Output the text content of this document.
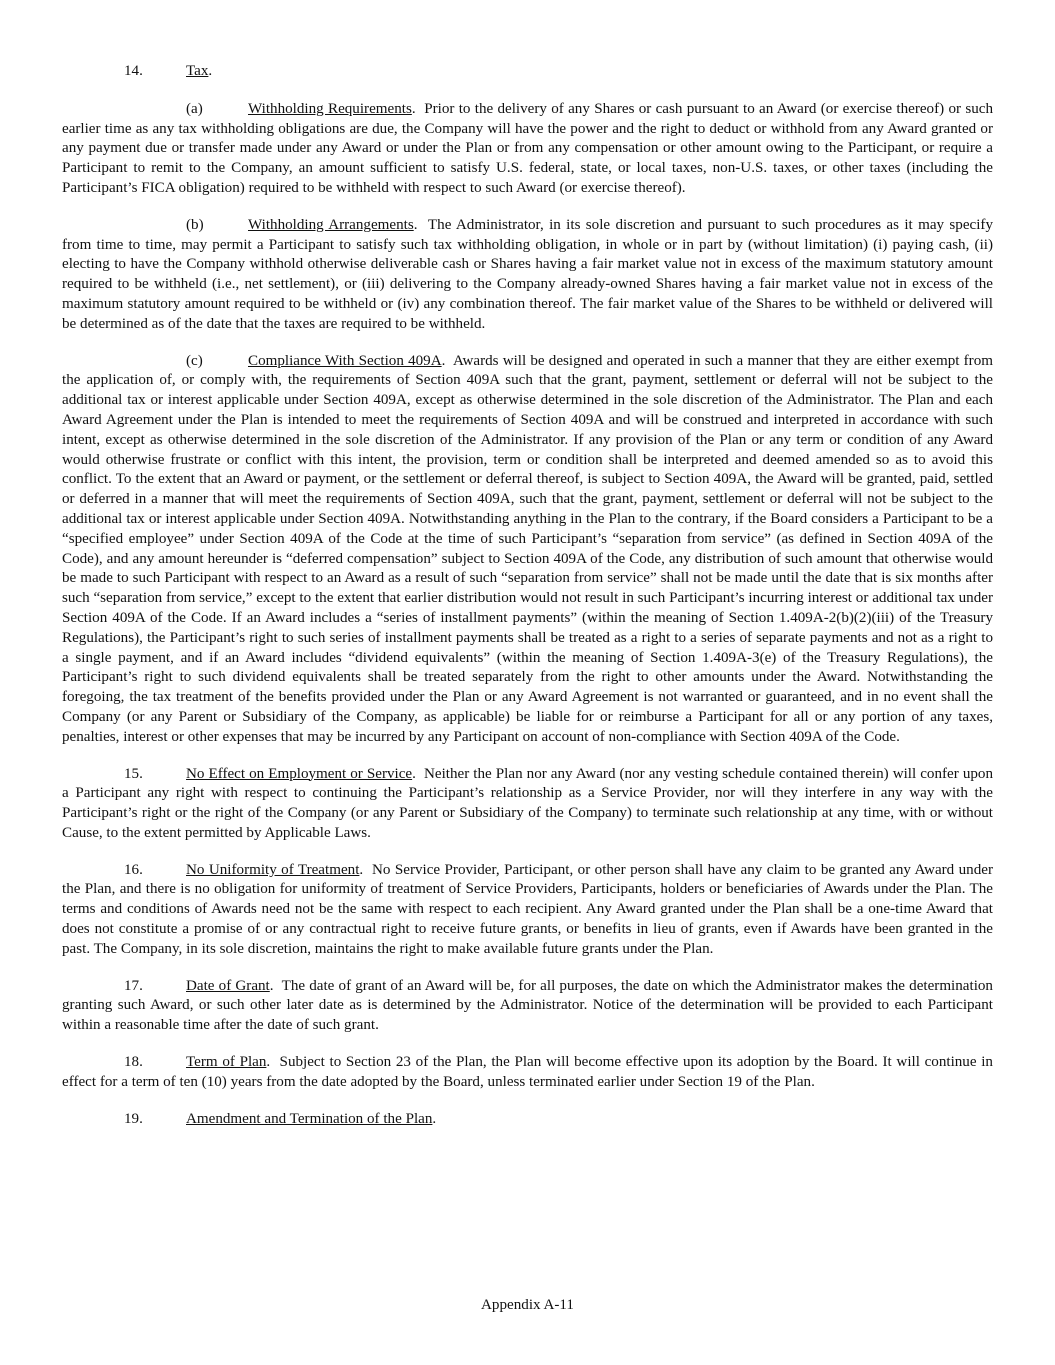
14.	Tax.

(a)	Withholding Requirements.  Prior to the delivery of any Shares or cash pursuant to an Award (or exercise thereof) or such earlier time as any tax withholding obligations are due, the Company will have the power and the right to deduct or withhold from any Award granted or any payment due or transfer made under any Award or under the Plan or from any compensation or other amount owing to the Participant, or require a Participant to remit to the Company, an amount sufficient to satisfy U.S. federal, state, or local taxes, non-U.S. taxes, or other taxes (including the Participant’s FICA obligation) required to be withheld with respect to such Award (or exercise thereof).

(b)	Withholding Arrangements.  The Administrator, in its sole discretion and pursuant to such procedures as it may specify from time to time, may permit a Participant to satisfy such tax withholding obligation, in whole or in part by (without limitation) (i) paying cash, (ii) electing to have the Company withhold otherwise deliverable cash or Shares having a fair market value not in excess of the maximum statutory amount required to be withheld (i.e., net settlement), or (iii) delivering to the Company already-owned Shares having a fair market value not in excess of the maximum statutory amount required to be withheld or (iv) any combination thereof. The fair market value of the Shares to be withheld or delivered will be determined as of the date that the taxes are required to be withheld.

(c)	Compliance With Section 409A.  Awards will be designed and operated in such a manner that they are either exempt from the application of, or comply with, the requirements of Section 409A such that the grant, payment, settlement or deferral will not be subject to the additional tax or interest applicable under Section 409A, except as otherwise determined in the sole discretion of the Administrator. The Plan and each Award Agreement under the Plan is intended to meet the requirements of Section 409A and will be construed and interpreted in accordance with such intent, except as otherwise determined in the sole discretion of the Administrator. If any provision of the Plan or any term or condition of any Award would otherwise frustrate or conflict with this intent, the provision, term or condition shall be interpreted and deemed amended so as to avoid this conflict. To the extent that an Award or payment, or the settlement or deferral thereof, is subject to Section 409A, the Award will be granted, paid, settled or deferred in a manner that will meet the requirements of Section 409A, such that the grant, payment, settlement or deferral will not be subject to the additional tax or interest applicable under Section 409A. Notwithstanding anything in the Plan to the contrary, if the Board considers a Participant to be a “specified employee” under Section 409A of the Code at the time of such Participant’s “separation from service” (as defined in Section 409A of the Code), and any amount hereunder is “deferred compensation” subject to Section 409A of the Code, any distribution of such amount that otherwise would be made to such Participant with respect to an Award as a result of such “separation from service” shall not be made until the date that is six months after such “separation from service,” except to the extent that earlier distribution would not result in such Participant’s incurring interest or additional tax under Section 409A of the Code. If an Award includes a “series of installment payments” (within the meaning of Section 1.409A-2(b)(2)(iii) of the Treasury Regulations), the Participant’s right to such series of installment payments shall be treated as a right to a series of separate payments and not as a right to a single payment, and if an Award includes “dividend equivalents” (within the meaning of Section 1.409A-3(e) of the Treasury Regulations), the Participant’s right to such dividend equivalents shall be treated separately from the right to other amounts under the Award. Notwithstanding the foregoing, the tax treatment of the benefits provided under the Plan or any Award Agreement is not warranted or guaranteed, and in no event shall the Company (or any Parent or Subsidiary of the Company, as applicable) be liable for or reimburse a Participant for all or any portion of any taxes, penalties, interest or other expenses that may be incurred by any Participant on account of non-compliance with Section 409A of the Code.

15.	No Effect on Employment or Service.  Neither the Plan nor any Award (nor any vesting schedule contained therein) will confer upon a Participant any right with respect to continuing the Participant’s relationship as a Service Provider, nor will they interfere in any way with the Participant’s right or the right of the Company (or any Parent or Subsidiary of the Company) to terminate such relationship at any time, with or without Cause, to the extent permitted by Applicable Laws.

16.	No Uniformity of Treatment.  No Service Provider, Participant, or other person shall have any claim to be granted any Award under the Plan, and there is no obligation for uniformity of treatment of Service Providers, Participants, holders or beneficiaries of Awards under the Plan. The terms and conditions of Awards need not be the same with respect to each recipient. Any Award granted under the Plan shall be a one-time Award that does not constitute a promise of or any contractual right to receive future grants, or benefits in lieu of grants, even if Awards have been granted in the past. The Company, in its sole discretion, maintains the right to make available future grants under the Plan.

17.	Date of Grant.  The date of grant of an Award will be, for all purposes, the date on which the Administrator makes the determination granting such Award, or such other later date as is determined by the Administrator. Notice of the determination will be provided to each Participant within a reasonable time after the date of such grant.

18.	Term of Plan.  Subject to Section 23 of the Plan, the Plan will become effective upon its adoption by the Board. It will continue in effect for a term of ten (10) years from the date adopted by the Board, unless terminated earlier under Section 19 of the Plan.

19.	Amendment and Termination of the Plan.

Appendix A-11
